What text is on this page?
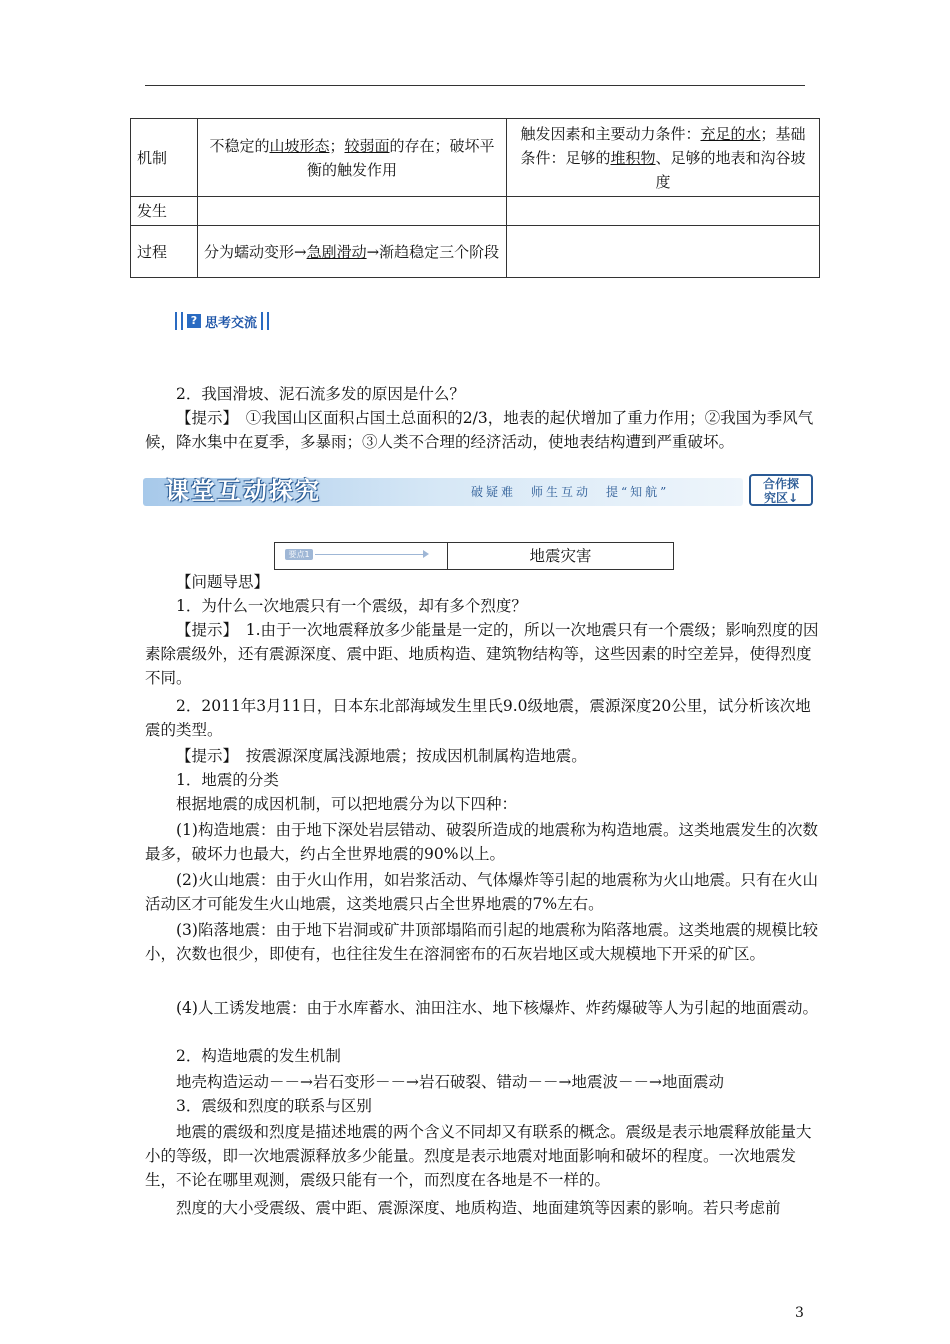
机制	不稳定的山坡形态；较弱面的存在；破坏平衡的触发作用	触发因素和主要动力条件：充足的水；基础条件：足够的堆积物、足够的地表和沟谷坡度
发生		
过程	分为蠕动变形→急剧滑动→渐趋稳定三个阶段	
? 思考交流

2．我国滑坡、泥石流多发的原因是什么？

【提示】　①我国山区面积占国土总面积的2/3，地表的起伏增加了重力作用；②我国为季风气候，降水集中在夏季，多暴雨；③人类不合理的经济活动，使地表结构遭到严重破坏。

课堂互动探究	破疑难　师生互动　提“知航”
合作探
究区↓
要点1	地震灾害

【问题导思】

1．为什么一次地震只有一个震级，却有多个烈度？

【提示】　1.由于一次地震释放多少能量是一定的，所以一次地震只有一个震级；影响烈度的因素除震级外，还有震源深度、震中距、地质构造、建筑物结构等，这些因素的时空差异，使得烈度不同。

2．2011年3月11日，日本东北部海域发生里氏9.0级地震，震源深度20公里，试分析该次地震的类型。

【提示】　按震源深度属浅源地震；按成因机制属构造地震。

1．地震的分类

根据地震的成因机制，可以把地震分为以下四种：

(1)构造地震：由于地下深处岩层错动、破裂所造成的地震称为构造地震。这类地震发生的次数最多，破坏力也最大，约占全世界地震的90%以上。

(2)火山地震：由于火山作用，如岩浆活动、气体爆炸等引起的地震称为火山地震。只有在火山活动区才可能发生火山地震，这类地震只占全世界地震的7%左右。

(3)陷落地震：由于地下岩洞或矿井顶部塌陷而引起的地震称为陷落地震。这类地震的规模比较小，次数也很少，即使有，也往往发生在溶洞密布的石灰岩地区或大规模地下开采的矿区。

(4)人工诱发地震：由于水库蓄水、油田注水、地下核爆炸、炸药爆破等人为引起的地面震动。

2．构造地震的发生机制

地壳构造运动－－→岩石变形－－→岩石破裂、错动－－→地震波－－→地面震动

3．震级和烈度的联系与区别

地震的震级和烈度是描述地震的两个含义不同却又有联系的概念。震级是表示地震释放能量大小的等级，即一次地震源释放多少能量。烈度是表示地震对地面影响和破坏的程度。一次地震发生，不论在哪里观测，震级只能有一个，而烈度在各地是不一样的。

烈度的大小受震级、震中距、震源深度、地质构造、地面建筑等因素的影响。若只考虑前

3
